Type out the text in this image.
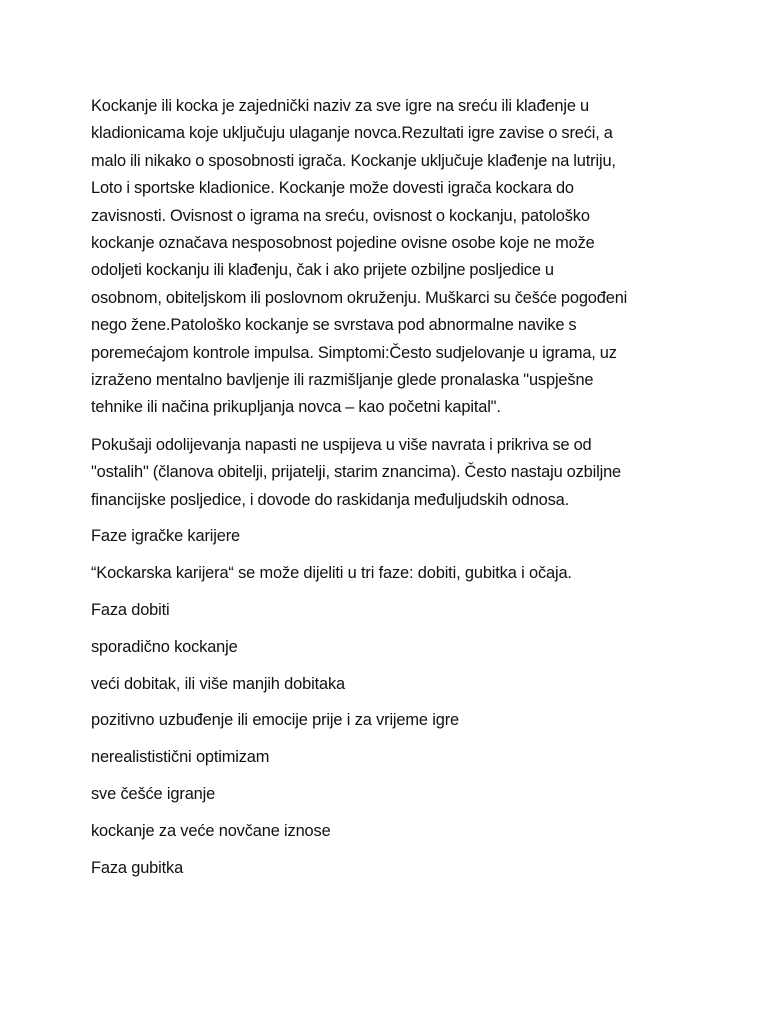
Kockanje ili kocka je zajednički naziv za sve igre na sreću ili klađenje u
kladionicama koje uključuju ulaganje novca.Rezultati igre zavise o sreći, a
malo ili nikako o sposobnosti igrača. Kockanje uključuje klađenje na lutriju,
Loto i sportske kladionice. Kockanje može dovesti igrača kockara do
zavisnosti. Ovisnost o igrama na sreću, ovisnost o kockanju, patološko
kockanje označava nesposobnost pojedine ovisne osobe koje ne može
odoljeti kockanju ili klađenju, čak i ako prijete ozbiljne posljedice u
osobnom, obiteljskom ili poslovnom okruženju. Muškarci su češće pogođeni
nego žene.Patološko kockanje se svrstava pod abnormalne navike s
poremećajom kontrole impulsa. Simptomi:Često sudjelovanje u igrama, uz
izraženo mentalno bavljenje ili razmišljanje glede pronalaska "uspješne
tehnike ili načina prikupljanja novca – kao početni kapital".

Pokušaji odolijevanja napasti ne uspijeva u više navrata i prikriva se od
"ostalih" (članova obitelji, prijatelji, starim znancima). Često nastaju ozbiljne
financijske posljedice, i dovode do raskidanja međuljudskih odnosa.

Faze igračke karijere

“Kockarska karijera“ se može dijeliti u tri faze: dobiti, gubitka i očaja.

Faza dobiti

sporadično kockanje

veći dobitak, ili više manjih dobitaka

pozitivno uzbuđenje ili emocije prije i za vrijeme igre

nerealististični optimizam

sve češće igranje

kockanje za veće novčane iznose

Faza gubitka
